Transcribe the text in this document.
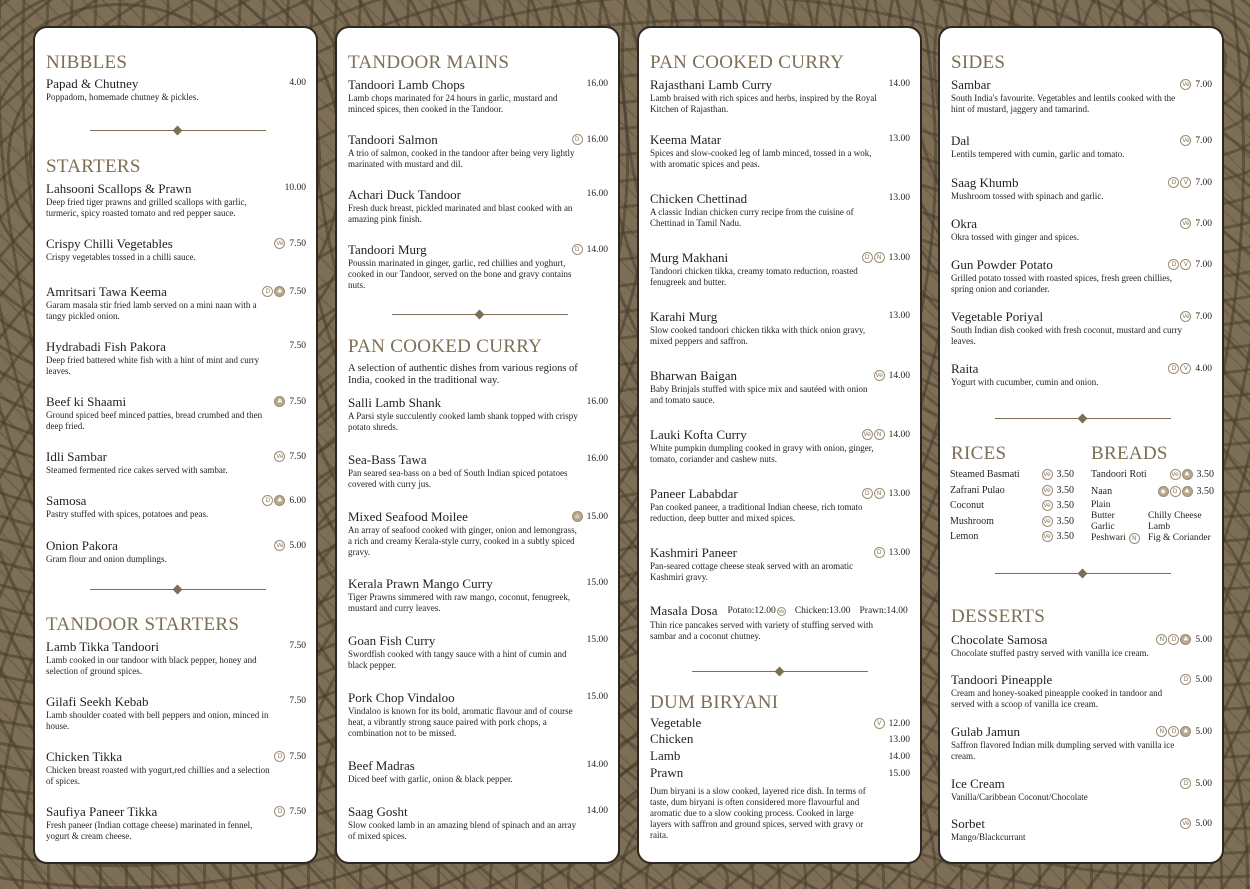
NIBBLES
Papad & Chutney	4.00
Poppadom, homemade chutney & pickles.
STARTERS
Lahsooni Scallops & Prawn	10.00
Deep fried tiger prawns and grilled scallops with garlic, turmeric, spicy roasted tomato and red pepper sauce.
Crispy Chilli Vegetables	Ve 7.50
Crispy vegetables tossed in a chilli sauce.
Amritsari Tawa Keema	D	♣ 7.50
Garam masala stir fried lamb served on a mini naan with a tangy pickled onion.
Hydrabadi Fish Pakora	7.50
Deep fried battered white fish with a hint of mint and curry leaves.
Beef ki Shaami	♣ 7.50
Ground spiced beef minced patties, bread crumbed and then deep fried.
Idli Sambar	Ve 7.50
Steamed fermented rice cakes served with sambar.
Samosa	D	♣ 6.00
Pastry stuffed with spices, potatoes and peas.
Onion Pakora	Ve 5.00
Gram flour and onion dumplings.
TANDOOR STARTERS
Lamb Tikka Tandoori	7.50
Lamb cooked in our tandoor with black pepper, honey and selection of ground spices.
Gilafi Seekh Kebab	7.50
Lamb shoulder coated with bell peppers and onion, minced in house.
Chicken Tikka	D 7.50
Chicken breast roasted with yogurt,red chillies and a selection of spices.
Saufiya Paneer Tikka	D 7.50
Fresh paneer (Indian cottage cheese) marinated in fennel, yogurt & cream cheese.
TANDOOR MAINS
Tandoori Lamb Chops	16.00
Lamb chops marinated for 24 hours in garlic, mustard and minced spices, then cooked in the Tandoor.
Tandoori Salmon	D 16.00
A trio of salmon, cooked in the tandoor after being very lightly marinated with mustard and dil.
Achari Duck Tandoor	16.00
Fresh duck breast, pickled marinated and blast cooked with an amazing pink finish.
Tandoori Murg	D 14.00
Poussin marinated in ginger, garlic, red chillies and yoghurt, cooked in our Tandoor, served on the bone and gravy contains nuts.
PAN COOKED CURRY
A selection of authentic dishes from various regions of India, cooked in the traditional way.
Salli Lamb Shank	16.00
A Parsi style succulently cooked lamb shank topped with crispy potato shreds.
Sea-Bass Tawa	16.00
Pan seared sea-bass on a bed of South Indian spiced potatoes covered with curry jus.
Mixed Seafood Moilee	⌂ 15.00
An array of seafood cooked with ginger, onion and lemongrass, a rich and creamy Kerala-style curry, cooked in a subtly spiced gravy.
Kerala Prawn Mango Curry	15.00
Tiger Prawns simmered with raw mango, coconut, fenugreek, mustard and curry leaves.
Goan Fish Curry	15.00
Swordfish cooked with tangy sauce with a hint of cumin and black pepper.
Pork Chop Vindaloo	15.00
Vindaloo is known for its bold, aromatic flavour and of course heat, a vibrantly strong sauce paired with pork chops, a combination not to be missed.
Beef Madras	14.00
Diced beef with garlic, onion & black pepper.
Saag Gosht	14.00
Slow cooked lamb in an amazing blend of spinach and an array of mixed spices.
PAN COOKED CURRY
Rajasthani Lamb Curry	14.00
Lamb braised with rich spices and herbs, inspired by the Royal Kitchen of Rajasthan.
Keema Matar	13.00
Spices and slow-cooked leg of lamb minced, tossed in a wok, with aromatic spices and peas.
Chicken Chettinad	13.00
A classic Indian chicken curry recipe from the cuisine of Chettinad in Tamil Nadu.
Murg Makhani	D	N 13.00
Tandoori chicken tikka, creamy tomato reduction, roasted fenugreek and butter.
Karahi Murg	13.00
Slow cooked tandoori chicken tikka with thick onion gravy, mixed peppers and saffron.
Bharwan Baigan	Ve 14.00
Baby Brinjals stuffed with spice mix and sautéed with onion and tomato sauce.
Lauki Kofta Curry	Ve	N 14.00
White pumpkin dumpling cooked in gravy with onion, ginger, tomato, coriander and cashew nuts.
Paneer Lababdar	D	N 13.00
Pan cooked paneer, a traditional Indian cheese, rich tomato reduction, deep butter and mixed spices.
Kashmiri Paneer	D 13.00
Pan-seared cottage cheese steak served with an aromatic Kashmiri gravy.
Masala Dosa Potato:12.00 Ve Chicken:13.00 Prawn:14.00
Thin rice pancakes served with variety of stuffing served with sambar and a coconut chutney.
DUM BIRYANI
Vegetable	V 12.00
Chicken	13.00
Lamb	14.00
Prawn	15.00
Dum biryani is a slow cooked, layered rice dish. In terms of taste, dum biryani is often considered more flavourful and aromatic due to a slow cooking process. Cooked in large layers with saffron and ground spices, served with gravy or raita.
SIDES
Sambar	Ve 7.00
South India's favourite. Vegetables and lentils cooked with the hint of mustard, jaggery and tamarind.
Dal	Ve 7.00
Lentils tempered with cumin, garlic and tomato.
Saag Khumb	D	V 7.00
Mushroom tossed with spinach and garlic.
Okra	Ve 7.00
Okra tossed with ginger and spices.
Gun Powder Potato	D	V 7.00
Grilled potato tossed with roasted spices, fresh green chillies, spring onion and coriander.
Vegetable Poriyal	Ve 7.00
South Indian dish cooked with fresh coconut, mustard and curry leaves.
Raita	D	V 4.00
Yogurt with cucumber, cumin and onion.
RICES
Steamed Basmati	Ve 3.50
Zafrani Pulao	Ve 3.50
Coconut	Ve 3.50
Mushroom	Ve 3.50
Lemon	Ve 3.50
BREADS
Tandoori Roti	Ve ♣ 3.50
Naan	◉	D	♣ 3.50
Plain
Butter
Garlic
Peshwari	N
Chilly Cheese
Lamb
Fig & Coriander
DESSERTS
Chocolate Samosa	N	D	♣ 5.00
Chocolate stuffed pastry served with vanilla ice cream.
Tandoori Pineapple	D 5.00
Cream and honey-soaked pineapple cooked in tandoor and served with a scoop of vanilla ice cream.
Gulab Jamun	N	D	♣ 5.00
Saffron flavored Indian milk dumpling served with vanilla ice cream.
Ice Cream	D 5.00
Vanilla/Caribbean Coconut/Chocolate
Sorbet	Ve 5.00
Mango/Blackcurrant
